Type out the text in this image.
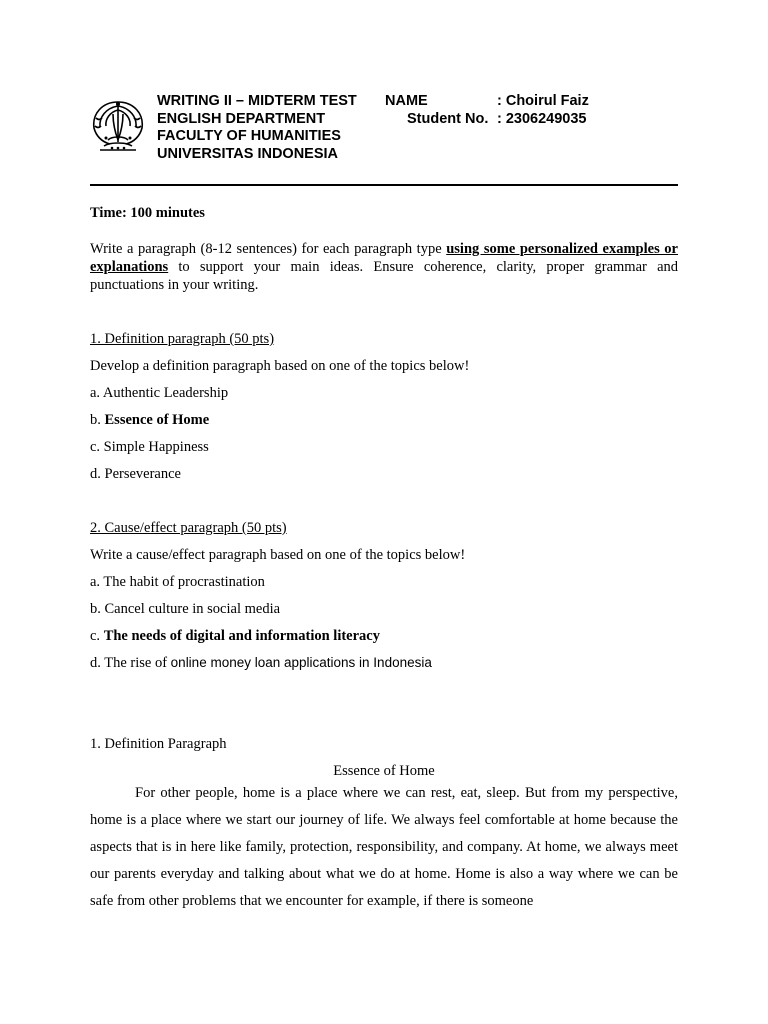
WRITING II – MIDTERM TEST
ENGLISH DEPARTMENT
FACULTY OF HUMANITIES
UNIVERSITAS INDONESIA
NAME	: Choirul Faiz
Student No. : 2306249035

Time: 100 minutes

Write a paragraph (8-12 sentences) for each paragraph type using some personalized examples or explanations to support your main ideas. Ensure coherence, clarity, proper grammar and punctuations in your writing.

1. Definition paragraph (50 pts)

Develop a definition paragraph based on one of the topics below!

a. Authentic Leadership

b. Essence of Home

c. Simple Happiness

d. Perseverance

2. Cause/effect paragraph (50 pts)

Write a cause/effect paragraph based on one of the topics below!

a. The habit of procrastination

b. Cancel culture in social media

c. The needs of digital and information literacy

d. The rise of online money loan applications in Indonesia

1. Definition Paragraph

Essence of Home

For other people, home is a place where we can rest, eat, sleep. But from my perspective, home is a place where we start our journey of life. We always feel comfortable at home because the aspects that is in here like family, protection, responsibility, and company. At home, we always meet our parents everyday and talking about what we do at home. Home is also a way where we can be safe from other problems that we encounter for example, if there is someone
